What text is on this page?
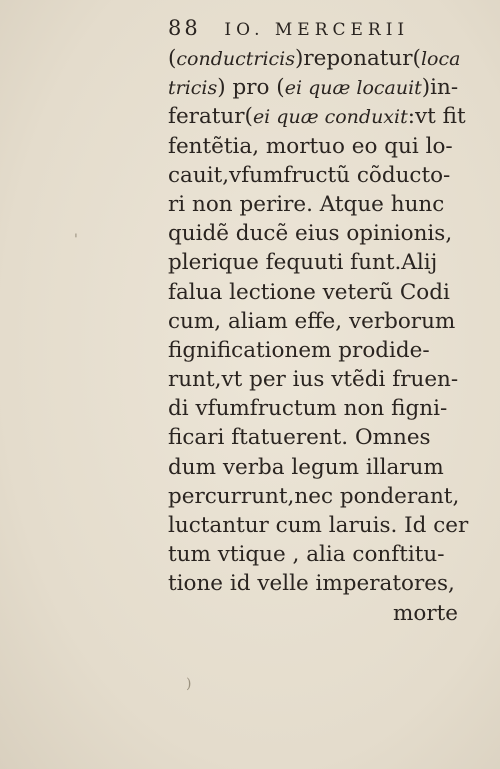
88 IO. MERCERII
(conductricis)reponatur(loca
tricis) pro (ei quæ locauit)in-
feratur(ei quæ conduxit:vt fit
fentẽtia, mortuo eo qui lo-
cauit,vfumfructũ cõducto-
ri non perire. Atque hunc
quidẽ ducẽ eius opinionis,
plerique fequuti funt.Alij
falua lectione veterũ Codi
cum, aliam effe, verborum
fignificationem prodide-
runt,vt per ius vtẽdi fruen-
di vfumfructum non figni-
ficari ftatuerent. Omnes
dum verba legum illarum
percurrunt,nec ponderant,
luctantur cum laruis. Id cer
tum vtique , alia conftitu-
tione id velle imperatores,
morte
'
)
